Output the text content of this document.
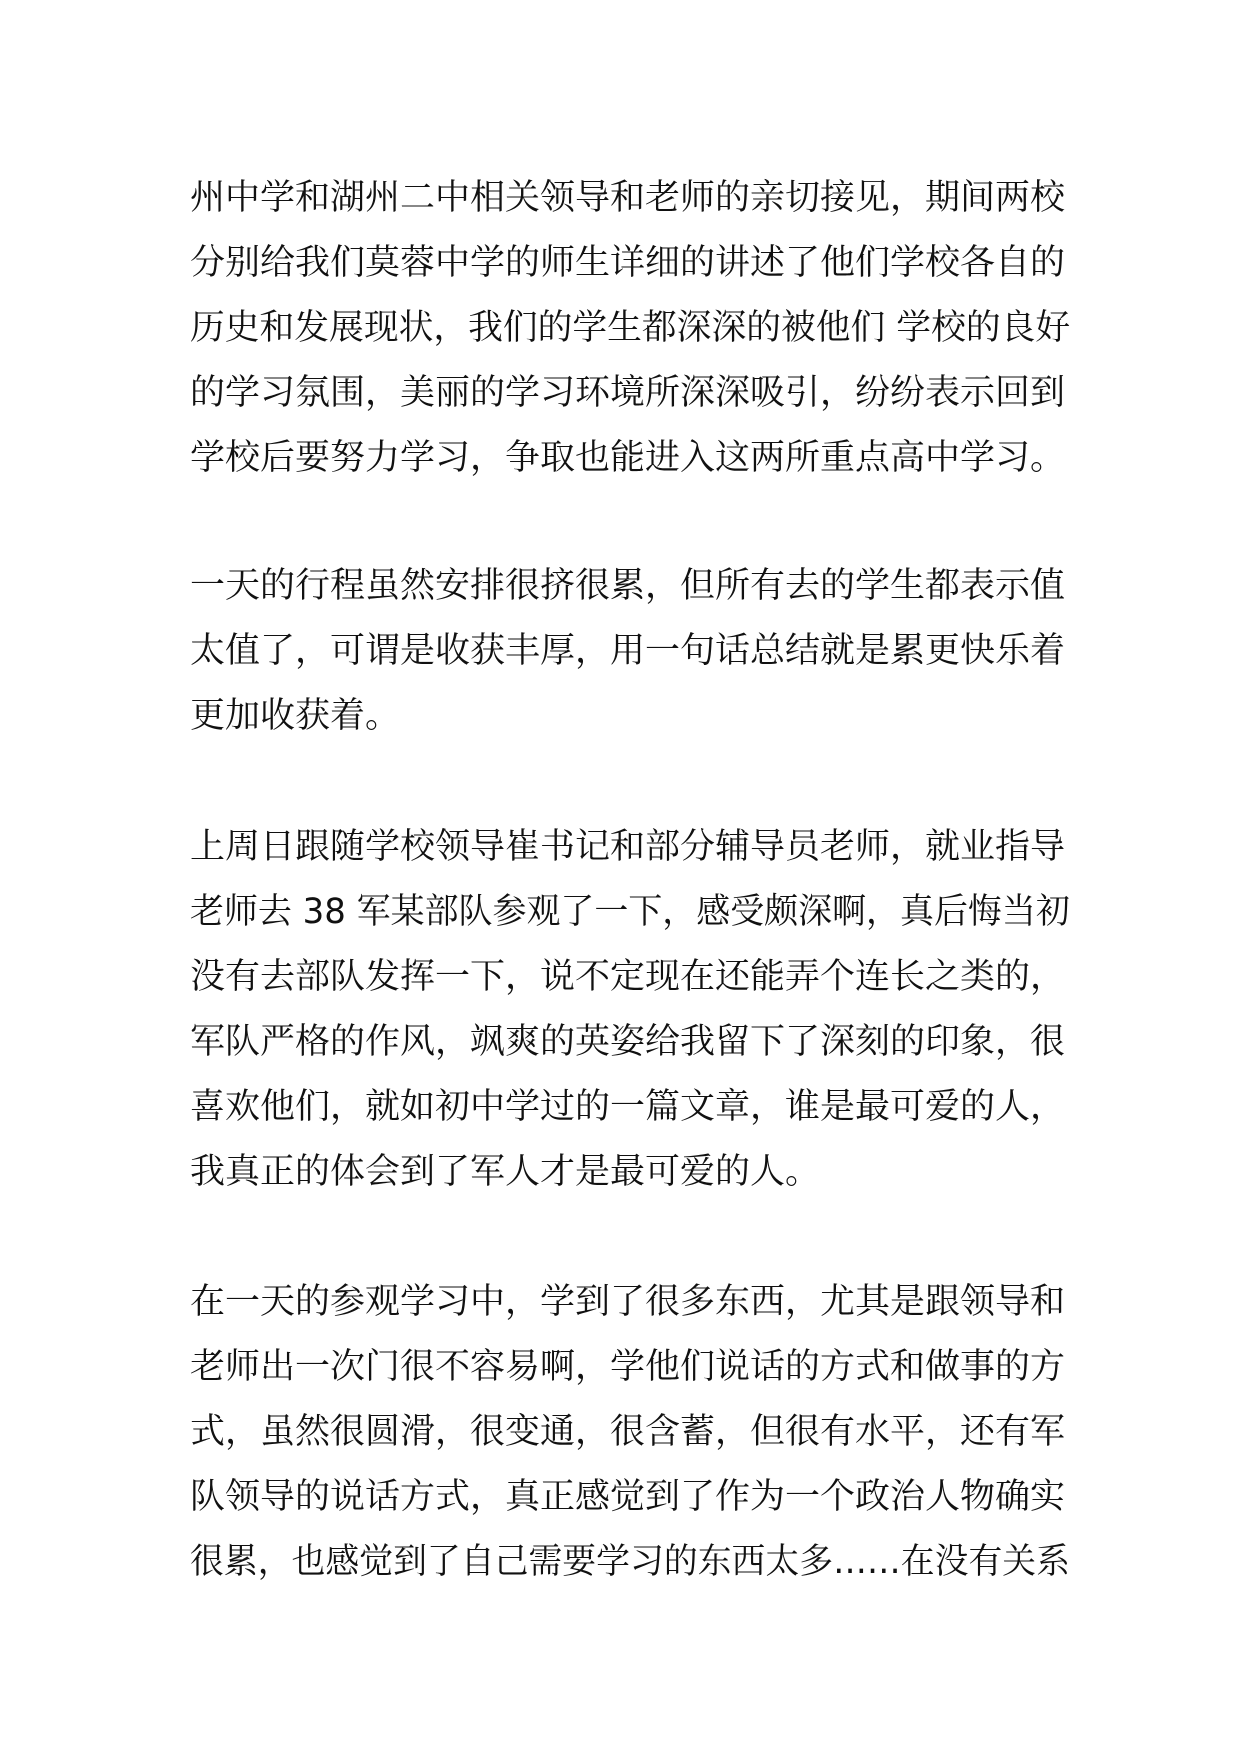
州中学和湖州二中相关领导和老师的亲切接见，期间两校
分别给我们莫蓉中学的师生详细的讲述了他们学校各自的
历史和发展现状，我们的学生都深深的被他们 学校的良好
的学习氛围，美丽的学习环境所深深吸引，纷纷表示回到
学校后要努力学习，争取也能进入这两所重点高中学习。
一天的行程虽然安排很挤很累，但所有去的学生都表示值
太值了，可谓是收获丰厚，用一句话总结就是累更快乐着
更加收获着。
上周日跟随学校领导崔书记和部分辅导员老师，就业指导
老师去 38 军某部队参观了一下，感受颇深啊，真后悔当初
没有去部队发挥一下，说不定现在还能弄个连长之类的，
军队严格的作风，飒爽的英姿给我留下了深刻的印象，很
喜欢他们，就如初中学过的一篇文章，谁是最可爱的人，
我真正的体会到了军人才是最可爱的人。
在一天的参观学习中，学到了很多东西，尤其是跟领导和
老师出一次门很不容易啊，学他们说话的方式和做事的方
式，虽然很圆滑，很变通，很含蓄，但很有水平，还有军
队领导的说话方式，真正感觉到了作为一个政治人物确实
很累，也感觉到了自己需要学习的东西太多……在没有关系
